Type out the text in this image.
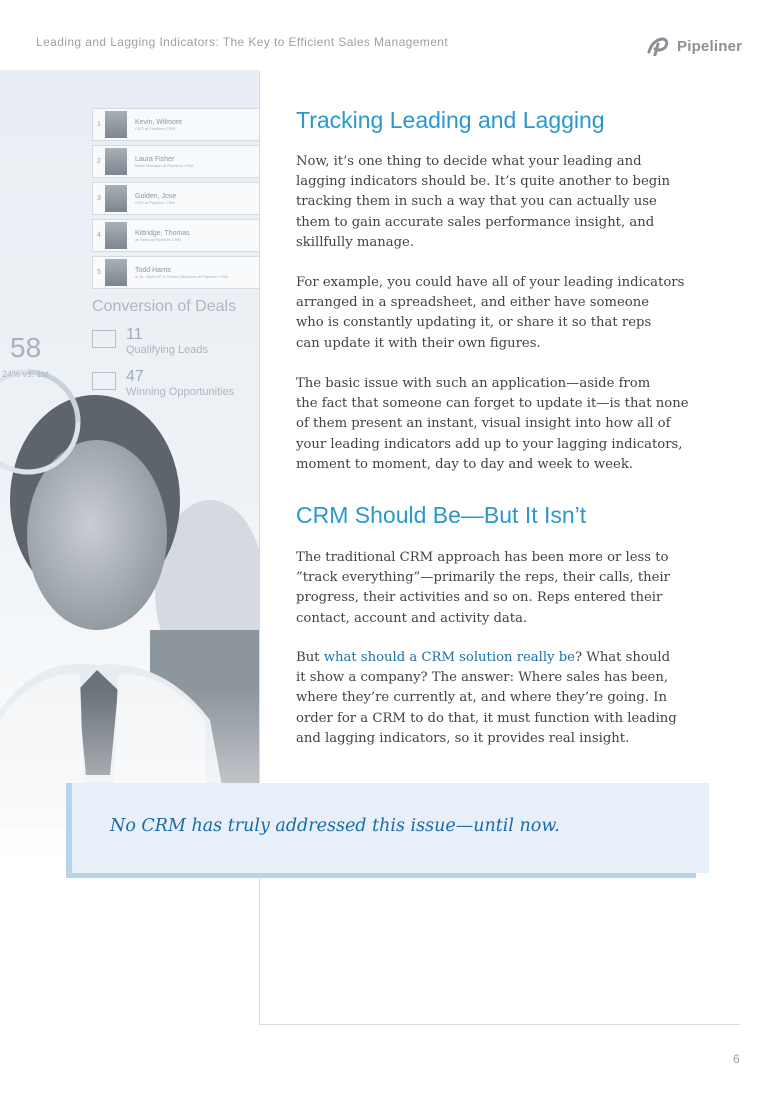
Leading and Lagging Indicators: The Key to Efficient Sales Management	Pipeliner
1	Kevin, Wilmore
CEO at Pipeliner CRM
2	Laura Fisher
Sales Manager at Pipeliner CRM
3	Golden, Jose
CEO at Pipeliner CRM
4	Kittridge, Thomas
at Sales at Pipeliner CRM
5	Todd Harris
at Sr. Sales VP & Partner Alliances at Pipeliner CRM
Conversion of Deals
11
Qualifying Leads
47
Winning Opportunities
58
24% vs. 1st
Tracking Leading and Lagging
Now, it’s one thing to decide what your leading and
lagging indicators should be. It’s quite another to begin
tracking them in such a way that you can actually use
them to gain accurate sales performance insight, and
skillfully manage.
For example, you could have all of your leading indicators
arranged in a spreadsheet, and either have someone
who is constantly updating it, or share it so that reps
can update it with their own figures.
The basic issue with such an application—aside from
the fact that someone can forget to update it—is that none
of them present an instant, visual insight into how all of
your leading indicators add up to your lagging indicators,
moment to moment, day to day and week to week.
CRM Should Be—But It Isn’t
The traditional CRM approach has been more or less to
”track everything”—primarily the reps, their calls, their
progress, their activities and so on. Reps entered their
contact, account and activity data.
But what should a CRM solution really be? What should
it show a company? The answer: Where sales has been,
where they’re currently at, and where they’re going. In
order for a CRM to do that, it must function with leading
and lagging indicators, so it provides real insight.
No CRM has truly addressed this issue—until now.
6
